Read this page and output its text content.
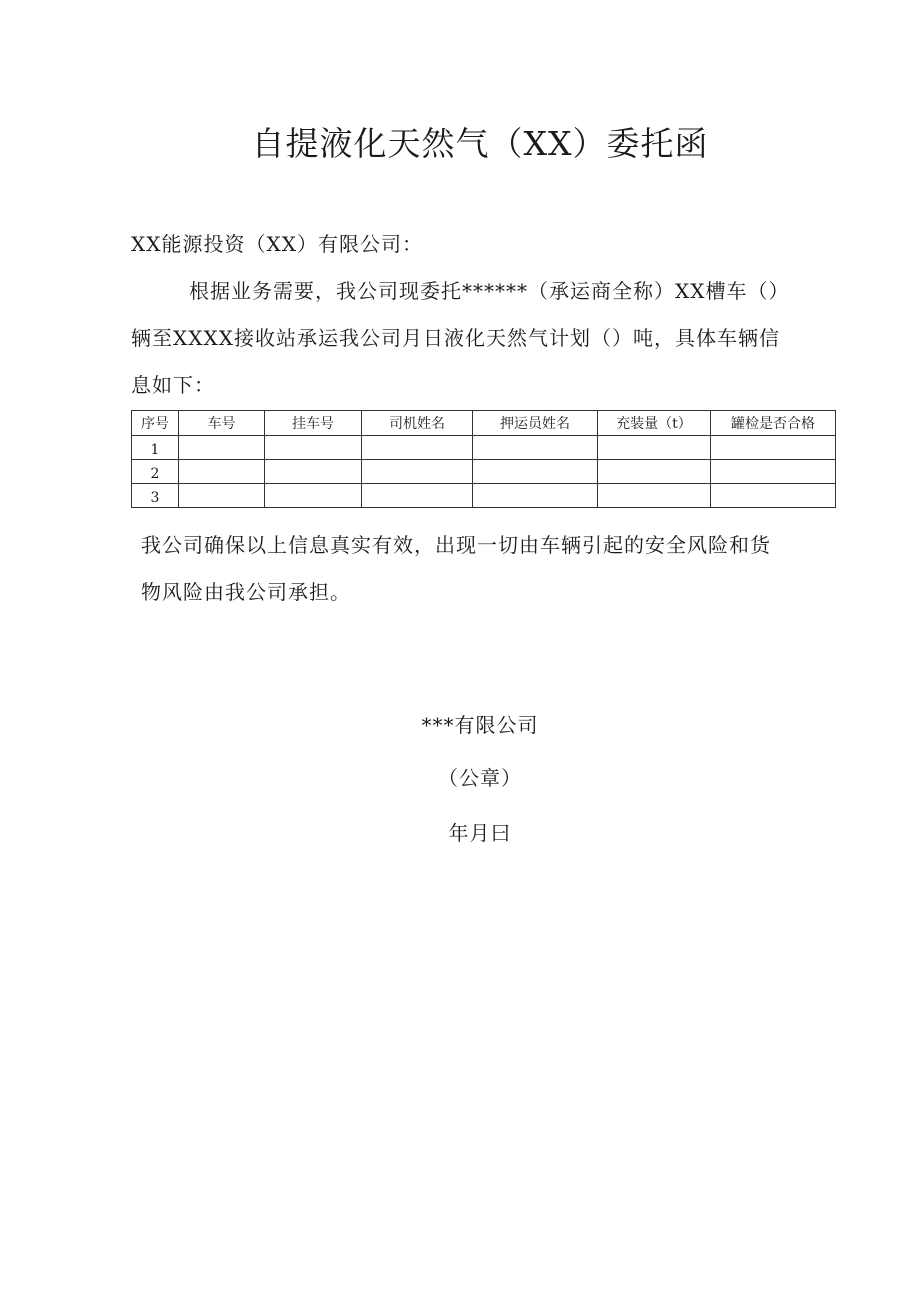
自提液化天然气（XX）委托函
XX能源投资（XX）有限公司：
根据业务需要，我公司现委托******（承运商全称）XX槽车（）
辆至XXXX接收站承运我公司月日液化天然气计划（）吨，具体车辆信
息如下：
序号	车号	挂车号	司机姓名	押运员姓名	充装量（t）	罐检是否合格
1						
2						
3						
我公司确保以上信息真实有效，出现一切由车辆引起的安全风险和货
物风险由我公司承担。
***有限公司
（公章）
年月曰
